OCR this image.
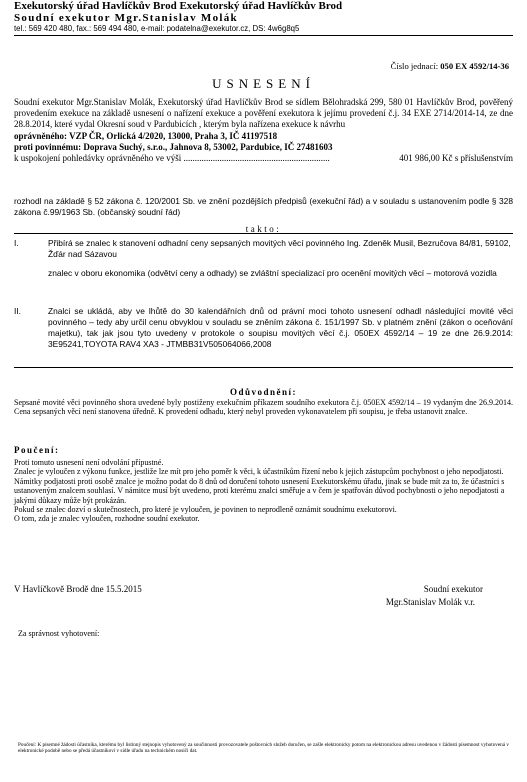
Exekutorský úřad Havlíčkův Brod Exekutorský úřad Havlíčkův Brod
Soudní exekutor Mgr.Stanislav Molák
tel.: 569 420 480, fax.: 569 494 480, e-mail: podatelna@exekutor.cz, DS: 4w6g8q5
Číslo jednací: 050 EX 4592/14-36
USNESENÍ
Soudní exekutor Mgr.Stanislav Molák, Exekutorský úřad Havlíčkův Brod se sídlem Bělohradská 299, 580 01 Havlíčkův Brod, pověřený provedením exekuce na základě usnesení o nařízení exekuce a pověření exekutora k jejímu provedení č.j. 34 EXE 2714/2014-14, ze dne 28.8.2014, které vydal Okresní soud v Pardubicích , kterým byla nařízena exekuce k návrhu
oprávněného: VZP ČR, Orlická 4/2020, 13000, Praha 3, IČ 41197518
proti povinnému: Doprava Suchý, s.r.o., Jahnova 8, 53002, Pardubice, IČ 27481603
k uspokojení pohledávky oprávněného ve výši .................................................................	401 986,00 Kč s příslušenstvím
rozhodl na základě § 52 zákona č. 120/2001 Sb. ve znění pozdějších předpisů (exekuční řád) a v souladu s ustanovením podle § 328 zákona č.99/1963 Sb. (občanský soudní řád)
takto:
I.	Přibírá se znalec k stanovení odhadní ceny sepsaných movitých věcí povinného Ing. Zdeněk Musil, Bezručova 84/81, 59102, Žďár nad Sázavou
znalec v oboru ekonomika (odvětví ceny a odhady) se zvláštní specializací pro ocenění movitých věcí – motorová vozidla
II.	Znalci se ukládá, aby ve lhůtě do 30 kalendářních dnů od právní moci tohoto usnesení odhadl následující movité věci povinného – tedy aby určil cenu obvyklou v souladu se zněním zákona č. 151/1997 Sb. v platném znění (zákon o oceňování majetku), tak jak jsou tyto uvedeny v protokole o soupisu movitých věcí č.j. 050EX 4592/14 – 19 ze dne 26.9.2014: 3E95241,TOYOTA RAV4 XA3 - JTMBB31V505064066,2008
Odůvodnění:
Sepsané movité věci povinného shora uvedené byly postiženy exekučním příkazem soudního exekutora č.j. 050EX 4592/14 – 19 vydaným dne 26.9.2014. Cena sepsaných věcí není stanovena úředně. K provedení odhadu, který nebyl proveden vykonavatelem při soupisu, je třeba ustanovit znalce.
Poučení:
Proti tomuto usnesení není odvolání přípustné.
Znalec je vyloučen z výkonu funkce, jestliže lze mít pro jeho poměr k věci, k účastníkům řízení nebo k jejich zástupcům pochybnost o jeho nepodjatosti.
Námitky podjatosti proti osobě znalce je možno podat do 8 dnů od doručení tohoto usnesení Exekutorskému úřadu, jinak se bude mít za to, že účastníci s ustanoveným znalcem souhlasí. V námitce musí být uvedeno, proti kterému znalci směřuje a v čem je spatřován důvod pochybnosti o jeho nepodjatosti a jakými důkazy může být prokázán.
Pokud se znalec dozví o skutečnostech, pro které je vyloučen, je povinen to neprodleně oznámit soudnímu exekutorovi.
O tom, zda je znalec vyloučen, rozhodne soudní exekutor.
V Havlíčkově Brodě dne 15.5.2015	Soudní exekutor
Mgr.Stanislav Molák v.r.
Za správnost vyhotovení:
Poučení: K písemné žádosti účastníka, kterému byl listinný stejnopis vyhotovený za součinnosti provozovatele poštovních služeb doručen, se zašle elektronicky potom na elektronickou adresu uvedenou v žádosti písemnost vyhotovená v elektronické podobě nebo se předá účastníkovi v sídle úřadu na technickém nosiči dat.
